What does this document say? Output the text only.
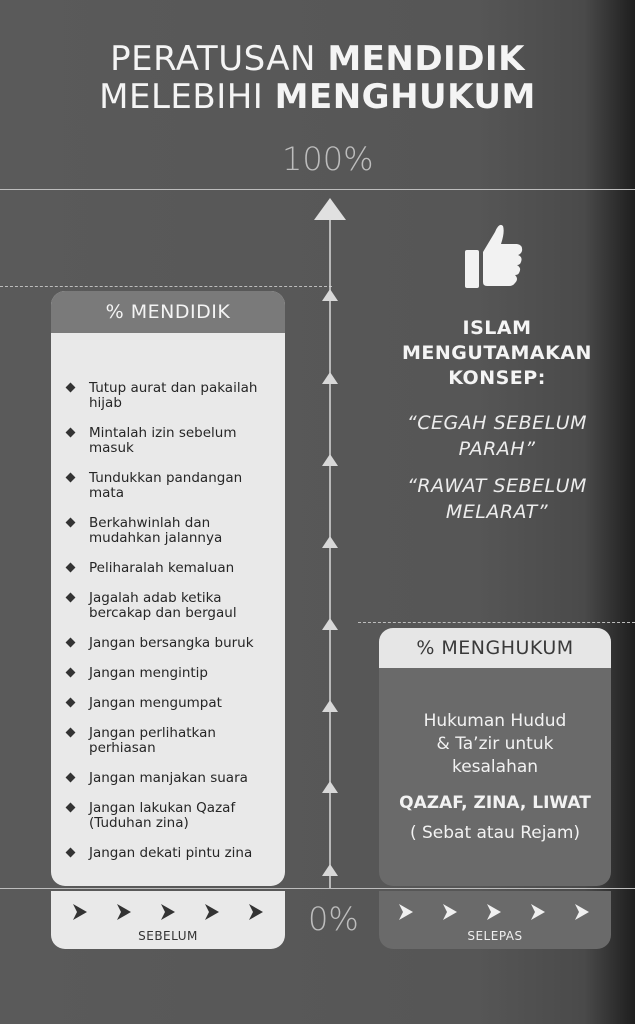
PERATUSAN MENDIDIK
MELEBIHI MENGHUKUM
100%
0%
% MENDIDIK
Tutup aurat dan pakailah hijab
Mintalah izin sebelum masuk
Tundukkan pandangan mata
Berkahwinlah dan mudahkan jalannya
Peliharalah kemaluan
Jagalah adab ketika bercakap dan bergaul
Jangan bersangka buruk
Jangan mengintip
Jangan mengumpat
Jangan perlihatkan perhiasan
Jangan manjakan suara
Jangan lakukan Qazaf (Tuduhan zina)
Jangan dekati pintu zina
SEBELUM
ISLAM
MENGUTAMAKAN
KONSEP:
“CEGAH SEBELUM
PARAH”
“RAWAT SEBELUM
MELARAT”
% MENGHUKUM
Hukuman Hudud
& Ta’zir untuk
kesalahan
QAZAF, ZINA, LIWAT
( Sebat atau Rejam)
SELEPAS
